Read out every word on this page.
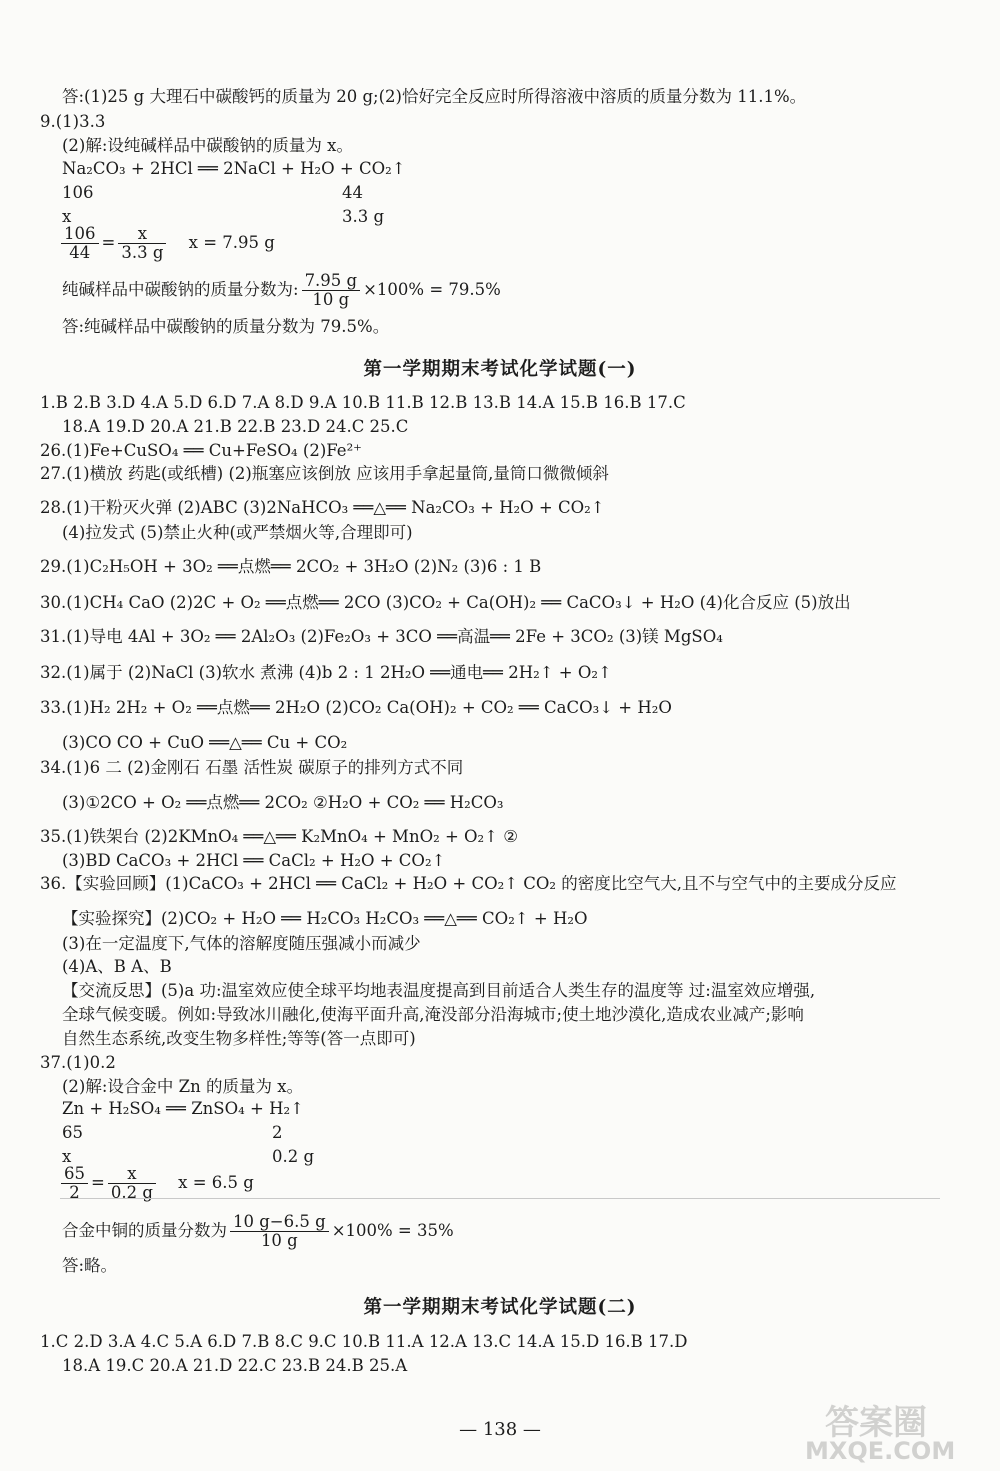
答:(1)25 g 大理石中碳酸钙的质量为 20 g;(2)恰好完全反应时所得溶液中溶质的质量分数为 11.1%。
9.(1)3.3
(2)解:设纯碱样品中碳酸钠的质量为 x。
Na₂CO₃ + 2HCl ══ 2NaCl + H₂O + CO₂↑
106	44
x	3.3 g
$\frac{106}{44} = \frac{x}{3.3 g}$ x = 7.95 g
纯碱样品中碳酸钠的质量分数为: $\frac{7.95 g}{10 g} \times 100\% = 79.5\%$
答:纯碱样品中碳酸钠的质量分数为 79.5%。
第一学期期末考试化学试题(一)
1.B 2.B 3.D 4.A 5.D 6.D 7.A 8.D 9.A 10.B 11.B 12.B 13.B 14.A 15.B 16.B 17.C
18.A 19.D 20.A 21.B 22.B 23.D 24.C 25.C
26.(1)Fe+CuSO₄ ══ Cu+FeSO₄ (2)Fe²⁺
27.(1)横放 药匙(或纸槽) (2)瓶塞应该倒放 应该用手拿起量筒,量筒口微微倾斜
28.(1)干粉灭火弹 (2)ABC (3)2NaHCO₃ ══△══ Na₂CO₃ + H₂O + CO₂↑
(4)拉发式 (5)禁止火种(或严禁烟火等,合理即可)
29.(1)C₂H₅OH + 3O₂ ══点燃══ 2CO₂ + 3H₂O (2)N₂ (3)6 : 1 B
30.(1)CH₄ CaO (2)2C + O₂ ══点燃══ 2CO (3)CO₂ + Ca(OH)₂ ══ CaCO₃↓ + H₂O (4)化合反应 (5)放出
31.(1)导电 4Al + 3O₂ ══ 2Al₂O₃ (2)Fe₂O₃ + 3CO ══高温══ 2Fe + 3CO₂ (3)镁 MgSO₄
32.(1)属于 (2)NaCl (3)软水 煮沸 (4)b 2 : 1 2H₂O ══通电══ 2H₂↑ + O₂↑
33.(1)H₂ 2H₂ + O₂ ══点燃══ 2H₂O (2)CO₂ Ca(OH)₂ + CO₂ ══ CaCO₃↓ + H₂O
(3)CO CO + CuO ══△══ Cu + CO₂
34.(1)6 二 (2)金刚石 石墨 活性炭 碳原子的排列方式不同
(3)①2CO + O₂ ══点燃══ 2CO₂ ②H₂O + CO₂ ══ H₂CO₃
35.(1)铁架台 (2)2KMnO₄ ══△══ K₂MnO₄ + MnO₂ + O₂↑ ②
(3)BD CaCO₃ + 2HCl ══ CaCl₂ + H₂O + CO₂↑
36.【实验回顾】(1)CaCO₃ + 2HCl ══ CaCl₂ + H₂O + CO₂↑ CO₂ 的密度比空气大,且不与空气中的主要成分反应
【实验探究】(2)CO₂ + H₂O ══ H₂CO₃ H₂CO₃ ══△══ CO₂↑ + H₂O
(3)在一定温度下,气体的溶解度随压强减小而减少
(4)A、B A、B
【交流反思】(5)a 功:温室效应使全球平均地表温度提高到目前适合人类生存的温度等 过:温室效应增强,
全球气候变暖。例如:导致冰川融化,使海平面升高,淹没部分沿海城市;使土地沙漠化,造成农业减产;影响
自然生态系统,改变生物多样性;等等(答一点即可)
37.(1)0.2
(2)解:设合金中 Zn 的质量为 x。
Zn + H₂SO₄ ══ ZnSO₄ + H₂↑
65	2
x	0.2 g
$\frac{65}{2} = \frac{x}{0.2 g}$ x = 6.5 g
合金中铜的质量分数为 $\frac{10 g-6.5 g}{10 g} \times 100\% = 35\%$
答:略。
第一学期期末考试化学试题(二)
1.C 2.D 3.A 4.C 5.A 6.D 7.B 8.C 9.C 10.B 11.A 12.A 13.C 14.A 15.D 16.B 17.D
18.A 19.C 20.A 21.D 22.C 23.B 24.B 25.A
— 138 —	答案圈
MXQE.COM
